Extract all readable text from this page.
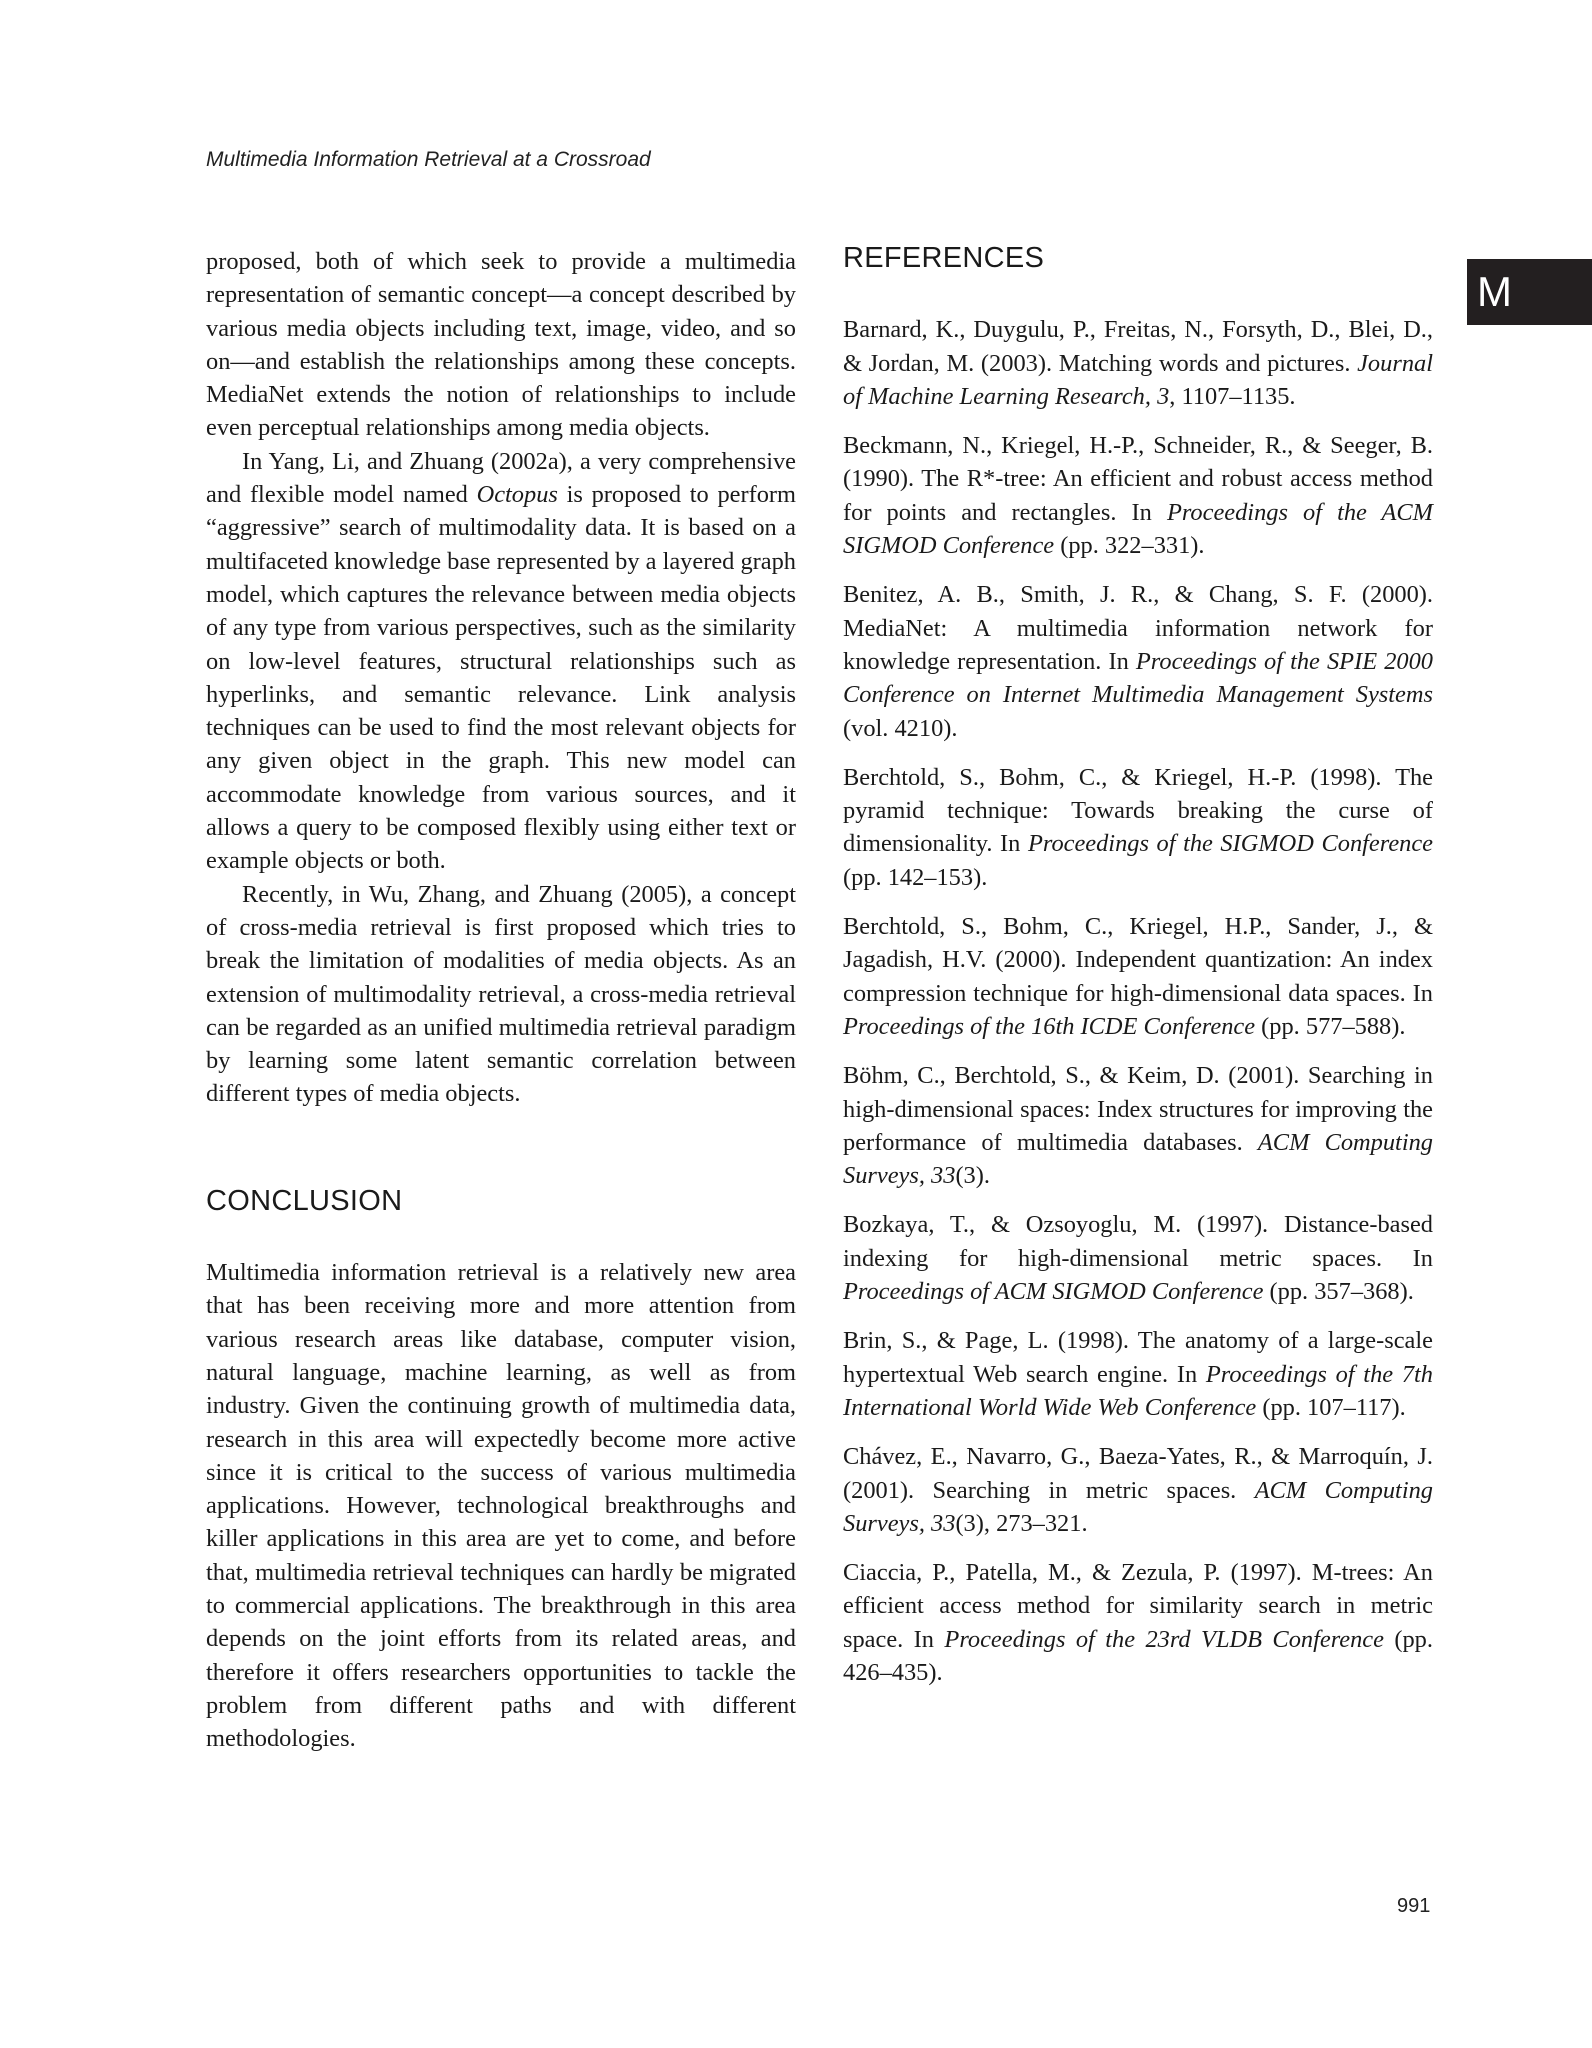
Multimedia Information Retrieval at a Crossroad
M

proposed, both of which seek to provide a multimedia representation of semantic concept—a concept described by various media objects including text, image, video, and so on—and establish the relationships among these concepts. MediaNet extends the notion of relationships to include even perceptual relationships among media objects.

In Yang, Li, and Zhuang (2002a), a very comprehensive and flexible model named Octopus is proposed to perform “aggressive” search of multimodality data. It is based on a multifaceted knowledge base represented by a layered graph model, which captures the relevance between media objects of any type from various perspectives, such as the similarity on low-level features, structural relationships such as hyperlinks, and semantic relevance. Link analysis techniques can be used to find the most relevant objects for any given object in the graph. This new model can accommodate knowledge from various sources, and it allows a query to be composed flexibly using either text or example objects or both.

Recently, in Wu, Zhang, and Zhuang (2005), a concept of cross-media retrieval is first proposed which tries to break the limitation of modalities of media objects. As an extension of multimodality retrieval, a cross-media retrieval can be regarded as an unified multimedia retrieval paradigm by learning some latent semantic correlation between different types of media objects.

CONCLUSION

Multimedia information retrieval is a relatively new area that has been receiving more and more attention from various research areas like database, computer vision, natural language, machine learning, as well as from industry. Given the continuing growth of multimedia data, research in this area will expectedly become more active since it is critical to the success of various multimedia applications. However, technological breakthroughs and killer applications in this area are yet to come, and before that, multimedia retrieval techniques can hardly be migrated to commercial applications. The breakthrough in this area depends on the joint efforts from its related areas, and therefore it offers researchers opportunities to tackle the problem from different paths and with different methodologies.

REFERENCES

Barnard, K., Duygulu, P., Freitas, N., Forsyth, D., Blei, D., & Jordan, M. (2003). Matching words and pictures. Journal of Machine Learning Research, 3, 1107–1135.

Beckmann, N., Kriegel, H.-P., Schneider, R., & Seeger, B. (1990). The R*-tree: An efficient and robust access method for points and rectangles. In Proceedings of the ACM SIGMOD Conference (pp. 322–331).

Benitez, A. B., Smith, J. R., & Chang, S. F. (2000). MediaNet: A multimedia information network for knowledge representation. In Proceedings of the SPIE 2000 Conference on Internet Multimedia Management Systems (vol. 4210).

Berchtold, S., Bohm, C., & Kriegel, H.-P. (1998). The pyramid technique: Towards breaking the curse of dimensionality. In Proceedings of the SIGMOD Conference (pp. 142–153).

Berchtold, S., Bohm, C., Kriegel, H.P., Sander, J., & Jagadish, H.V. (2000). Independent quantization: An index compression technique for high-dimensional data spaces. In Proceedings of the 16th ICDE Conference (pp. 577–588).

Böhm, C., Berchtold, S., & Keim, D. (2001). Searching in high-dimensional spaces: Index structures for improving the performance of multimedia databases. ACM Computing Surveys, 33(3).

Bozkaya, T., & Ozsoyoglu, M. (1997). Distance-based indexing for high-dimensional metric spaces. In Proceedings of ACM SIGMOD Conference (pp. 357–368).

Brin, S., & Page, L. (1998). The anatomy of a large-scale hypertextual Web search engine. In Proceedings of the 7th International World Wide Web Conference (pp. 107–117).

Chávez, E., Navarro, G., Baeza-Yates, R., & Marroquín, J. (2001). Searching in metric spaces. ACM Computing Surveys, 33(3), 273–321.

Ciaccia, P., Patella, M., & Zezula, P. (1997). M-trees: An efficient access method for similarity search in metric space. In Proceedings of the 23rd VLDB Conference (pp. 426–435).

991
